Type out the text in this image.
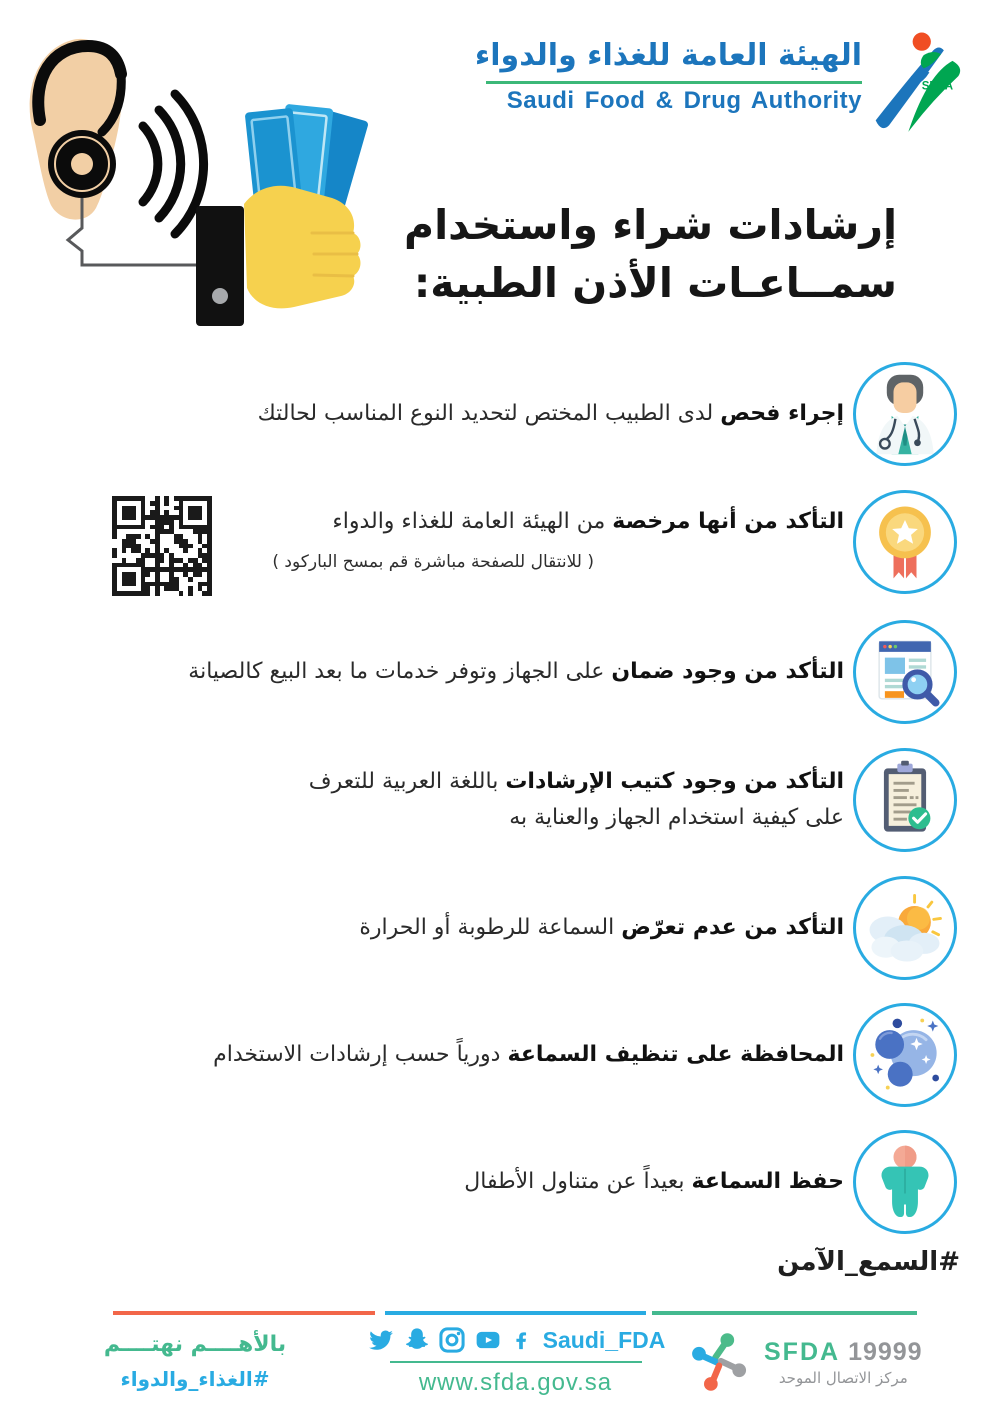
الهيئة العامة للغذاء والدواء
Saudi Food & Drug Authority
SFDA
إرشادات شراء واستخدام
سمــاعـات الأذن الطبية:
إجراء فحص لدى الطبيب المختص لتحديد النوع المناسب لحالتك
التأكد من أنها مرخصة من الهيئة العامة للغذاء والدواء
( للانتقال للصفحة مباشرة قم بمسح الباركود )
التأكد من وجود ضمان على الجهاز وتوفر خدمات ما بعد البيع كالصيانة
التأكد من وجود كتيب الإرشادات باللغة العربية للتعرف على كيفية استخدام الجهاز والعناية به
التأكد من عدم تعرّض السماعة للرطوبة أو الحرارة
المحافظة على تنظيف السماعة دورياً حسب إرشادات الاستخدام
حفظ السماعة بعيداً عن متناول الأطفال
#السمع_الآمن
بالأهــــم نهتــــم
#الغذاء_والدواء
Saudi_FDA
www.sfda.gov.sa
SFDA 19999
مركز الاتصال الموحد
